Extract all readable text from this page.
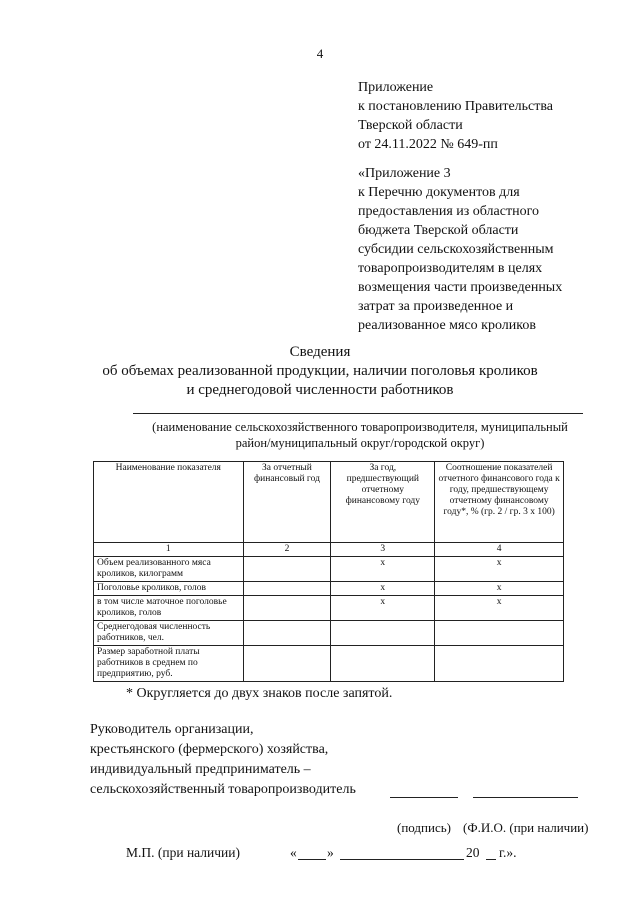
4
Приложение
к постановлению Правительства
Тверской области
от 24.11.2022 № 649-пп
«Приложение 3
к Перечню документов для
предоставления из областного
бюджета Тверской области
субсидии сельскохозяйственным
товаропроизводителям в целях
возмещения части произведенных
затрат за произведенное и
реализованное мясо кроликов
Сведения
об объемах реализованной продукции, наличии поголовья кроликов
и среднегодовой численности работников
(наименование сельскохозяйственного товаропроизводителя, муниципальный
район/муниципальный округ/городской округ)
Наименование показателя	За отчетный финансовый год	За год, предшествующий отчетному финансовому году	Соотношение показателей отчетного финансового года к году, предшествующему отчетному финансовому году*, % (гр. 2 / гр. 3 х 100)
1	2	3	4
Объем реализованного мяса кроликов, килограмм		х	х
Поголовье кроликов, голов		х	х
в том числе маточное поголовье кроликов, голов		х	х
Среднегодовая численность работников, чел.			
Размер заработной платы работников в среднем по предприятию, руб.			
* Округляется до двух знаков после запятой.
Руководитель организации,
крестьянского (фермерского) хозяйства,
индивидуальный предприниматель –
сельскохозяйственный товаропроизводитель
(подпись) (Ф.И.О. (при наличии)
М.П. (при наличии)	« »	20 г.».
